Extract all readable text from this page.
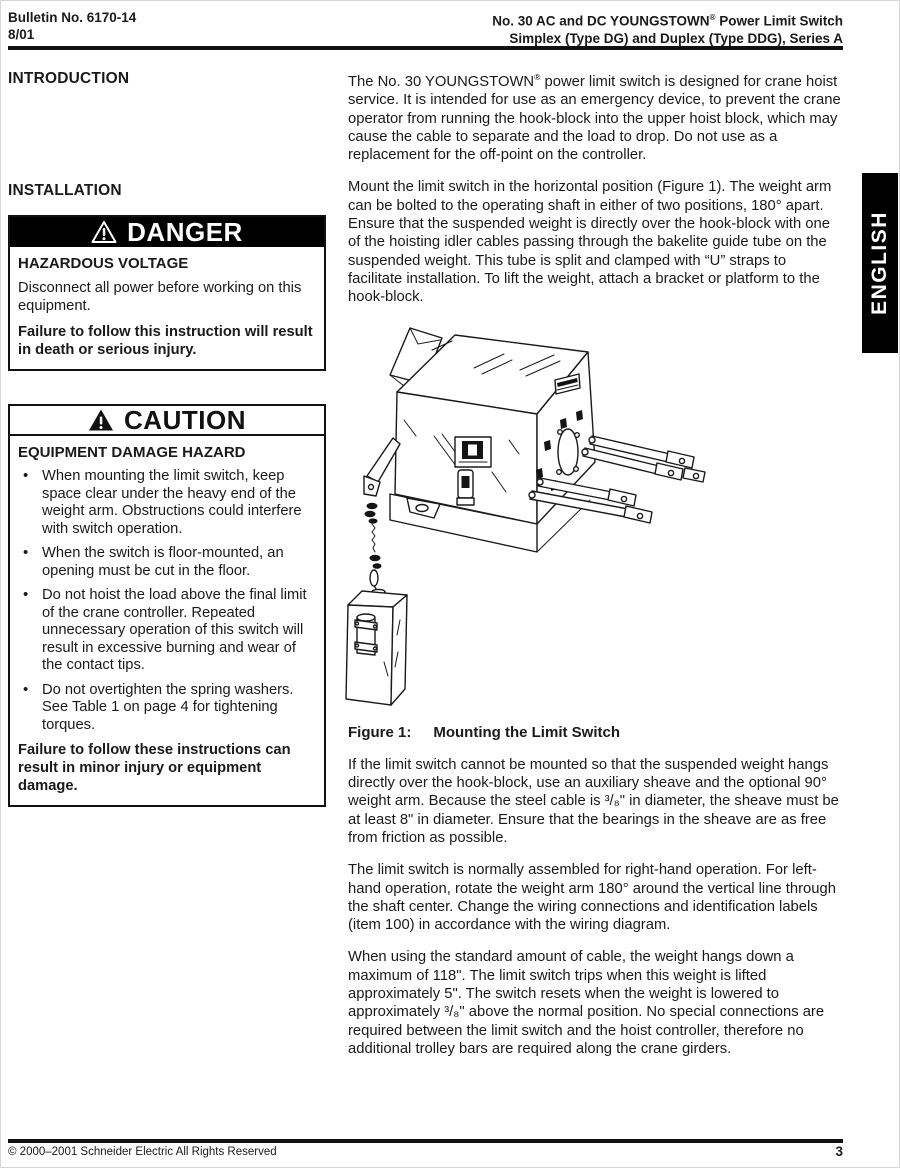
Bulletin No. 6170-14
8/01
No. 30 AC and DC YOUNGSTOWN® Power Limit Switch
Simplex (Type DG) and Duplex (Type DDG), Series A
ENGLISH
INTRODUCTION
INSTALLATION
DANGER
HAZARDOUS VOLTAGE
Disconnect all power before working on this equipment.
Failure to follow this instruction will result in death or serious injury.
CAUTION
EQUIPMENT DAMAGE HAZARD
• When mounting the limit switch, keep space clear under the heavy end of the weight arm. Obstructions could interfere with switch operation.
• When the switch is floor-mounted, an opening must be cut in the floor.
• Do not hoist the load above the final limit of the crane controller. Repeated unnecessary operation of this switch will result in excessive burning and wear of the contact tips.
• Do not overtighten the spring washers. See Table 1 on page 4 for tightening torques.
Failure to follow these instructions can result in minor injury or equipment damage.

The No. 30 YOUNGSTOWN® power limit switch is designed for crane hoist service. It is intended for use as an emergency device, to prevent the crane operator from running the hook-block into the upper hoist block, which may cause the cable to separate and the load to drop. Do not use as a replacement for the off-point on the controller.

Mount the limit switch in the horizontal position (Figure 1). The weight arm can be bolted to the operating shaft in either of two positions, 180° apart. Ensure that the suspended weight is directly over the hook-block with one of the hoisting idler cables passing through the bakelite guide tube on the suspended weight. This tube is split and clamped with “U” straps to facilitate installation. To lift the weight, attach a bracket or platform to the hook-block.

Figure 1: Mounting the Limit Switch

If the limit switch cannot be mounted so that the suspended weight hangs directly over the hook-block, use an auxiliary sheave and the optional 90° weight arm. Because the steel cable is ³/₈" in diameter, the sheave must be at least 8" in diameter. Ensure that the bearings in the sheave are as free from friction as possible.

The limit switch is normally assembled for right-hand operation. For left-hand operation, rotate the weight arm 180° around the vertical line through the shaft center. Change the wiring connections and identification labels (item 100) in accordance with the wiring diagram.

When using the standard amount of cable, the weight hangs down a maximum of 118". The limit switch trips when this weight is lifted approximately 5". The switch resets when the weight is lowered to approximately ³/₈" above the normal position. No special connections are required between the limit switch and the hoist controller, therefore no additional trolley bars are required along the crane girders.

© 2000–2001 Schneider Electric All Rights Reserved	3
